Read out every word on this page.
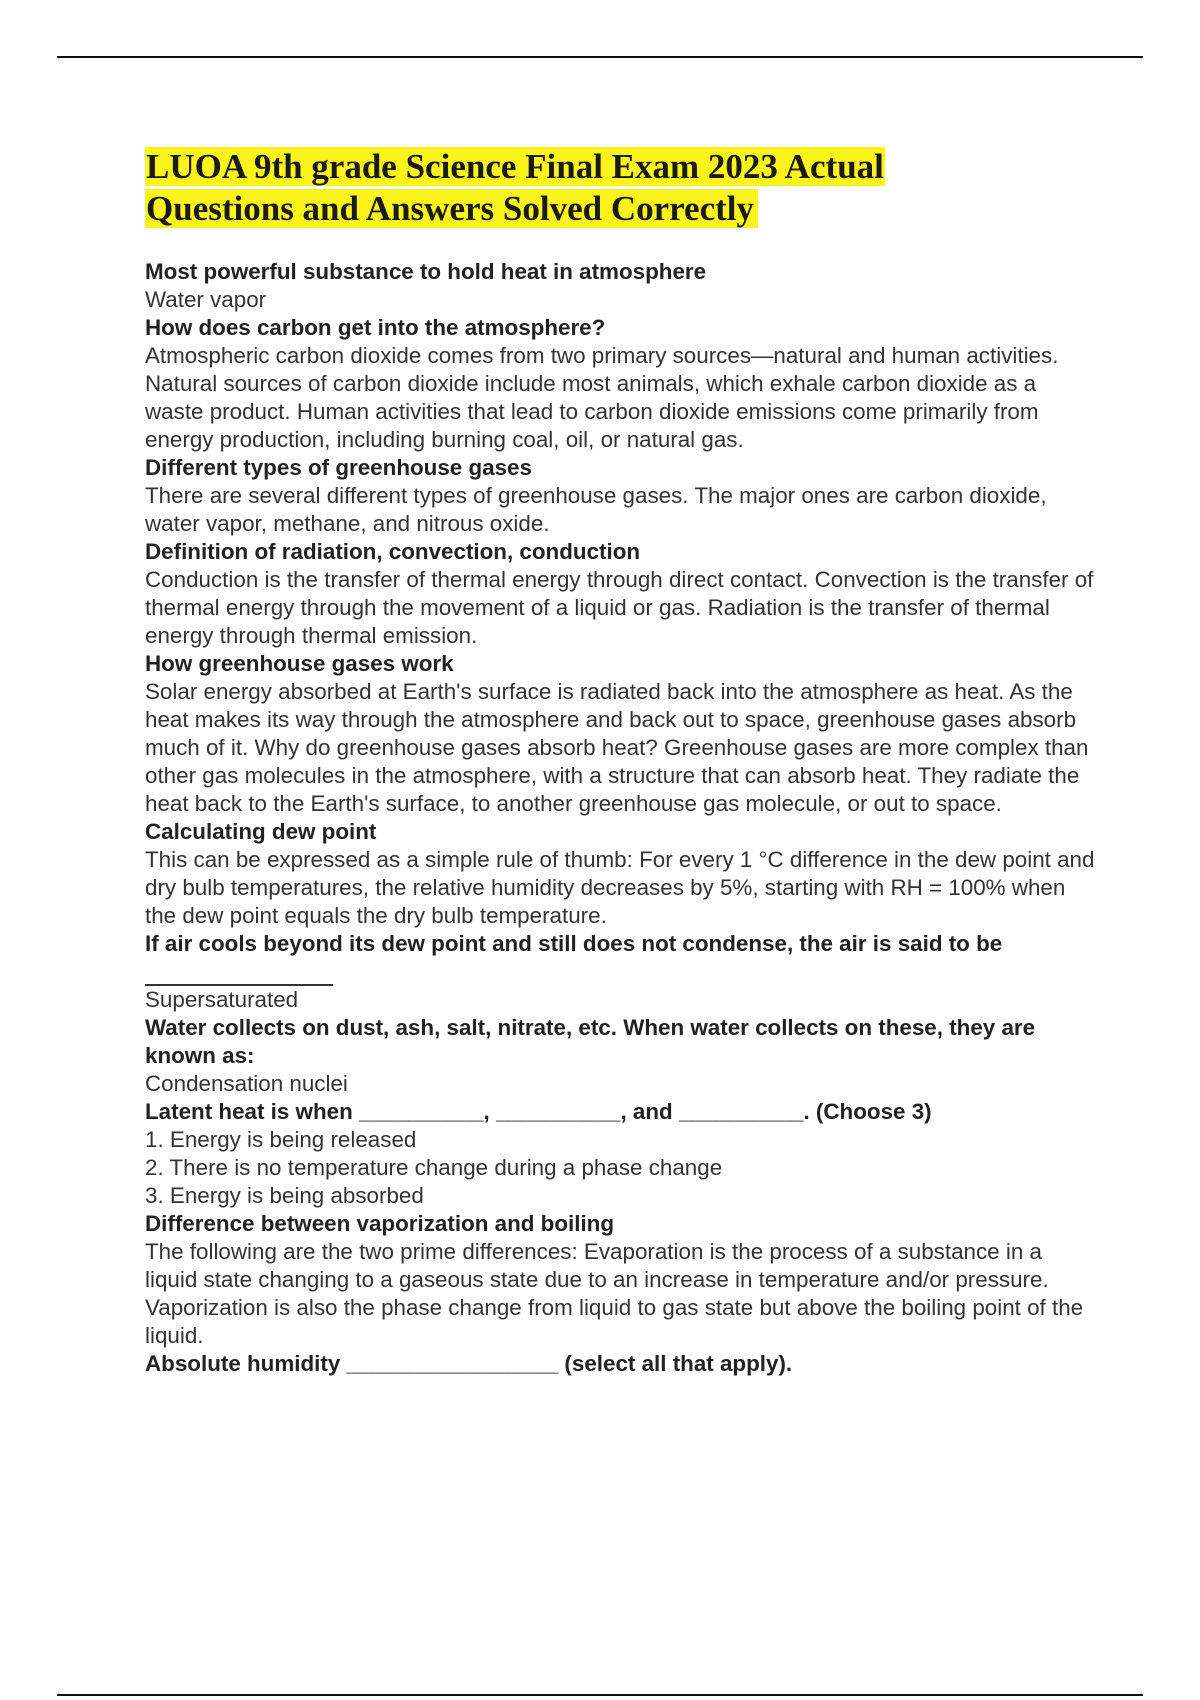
LUOA 9th grade Science Final Exam 2023 Actual
Questions and Answers Solved Correctly

Most powerful substance to hold heat in atmosphere

Water vapor

How does carbon get into the atmosphere?

Atmospheric carbon dioxide comes from two primary sources—natural and human activities. Natural sources of carbon dioxide include most animals, which exhale carbon dioxide as a waste product. Human activities that lead to carbon dioxide emissions come primarily from energy production, including burning coal, oil, or natural gas.

Different types of greenhouse gases

There are several different types of greenhouse gases. The major ones are carbon dioxide, water vapor, methane, and nitrous oxide.

Definition of radiation, convection, conduction

Conduction is the transfer of thermal energy through direct contact. Convection is the transfer of thermal energy through the movement of a liquid or gas. Radiation is the transfer of thermal energy through thermal emission.

How greenhouse gases work

Solar energy absorbed at Earth's surface is radiated back into the atmosphere as heat. As the heat makes its way through the atmosphere and back out to space, greenhouse gases absorb much of it. Why do greenhouse gases absorb heat? Greenhouse gases are more complex than other gas molecules in the atmosphere, with a structure that can absorb heat. They radiate the heat back to the Earth's surface, to another greenhouse gas molecule, or out to space.

Calculating dew point

This can be expressed as a simple rule of thumb: For every 1 °C difference in the dew point and dry bulb temperatures, the relative humidity decreases by 5%, starting with RH = 100% when the dew point equals the dry bulb temperature.

If air cools beyond its dew point and still does not condense, the air is said to be

Supersaturated

Water collects on dust, ash, salt, nitrate, etc. When water collects on these, they are known as:

Condensation nuclei

Latent heat is when __________, __________, and __________. (Choose 3)

1. Energy is being released

2. There is no temperature change during a phase change

3. Energy is being absorbed

Difference between vaporization and boiling

The following are the two prime differences: Evaporation is the process of a substance in a liquid state changing to a gaseous state due to an increase in temperature and/or pressure. Vaporization is also the phase change from liquid to gas state but above the boiling point of the liquid.

Absolute humidity _________________ (select all that apply).
